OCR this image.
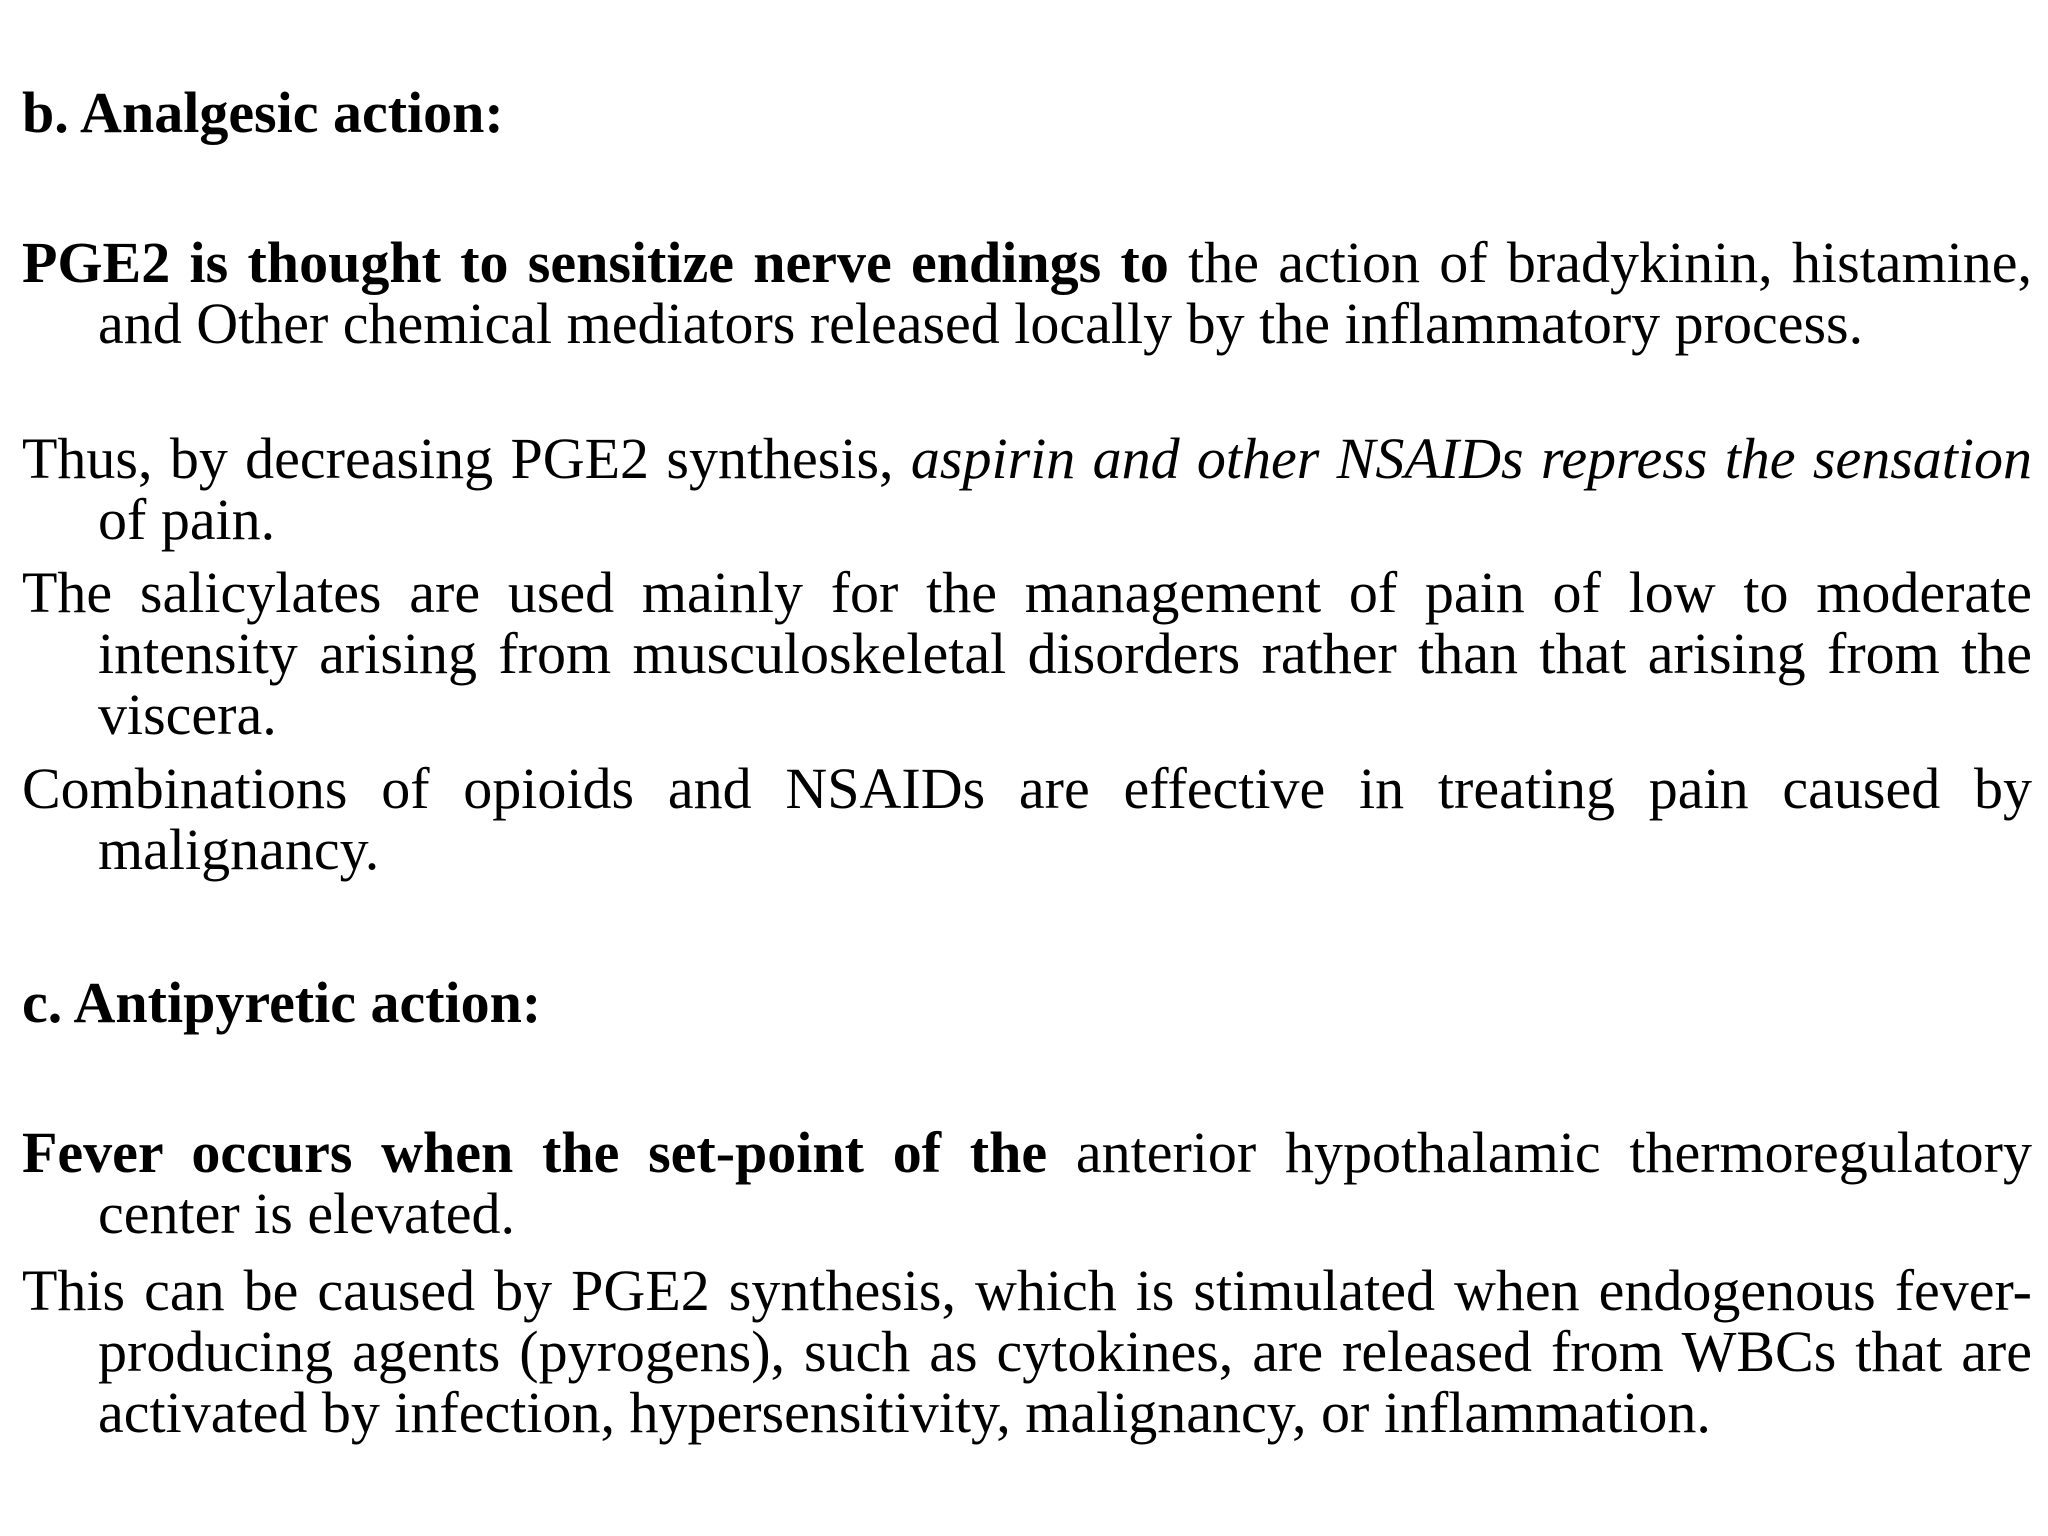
b. Analgesic action:

PGE2 is thought to sensitize nerve endings to the action of bradykinin, histamine, and Other chemical mediators released locally by the inflammatory process.

Thus, by decreasing PGE2 synthesis, aspirin and other NSAIDs repress the sensation of pain.

The salicylates are used mainly for the management of pain of low to moderate intensity arising from musculoskeletal disorders rather than that arising from the viscera.

Combinations of opioids and NSAIDs are effective in treating pain caused by malignancy.

c. Antipyretic action:

Fever occurs when the set-point of the anterior hypothalamic thermoregulatory center is elevated.

This can be caused by PGE2 synthesis, which is stimulated when endogenous fever-producing agents (pyrogens), such as cytokines, are released from WBCs that are activated by infection, hypersensitivity, malignancy, or inflammation.
